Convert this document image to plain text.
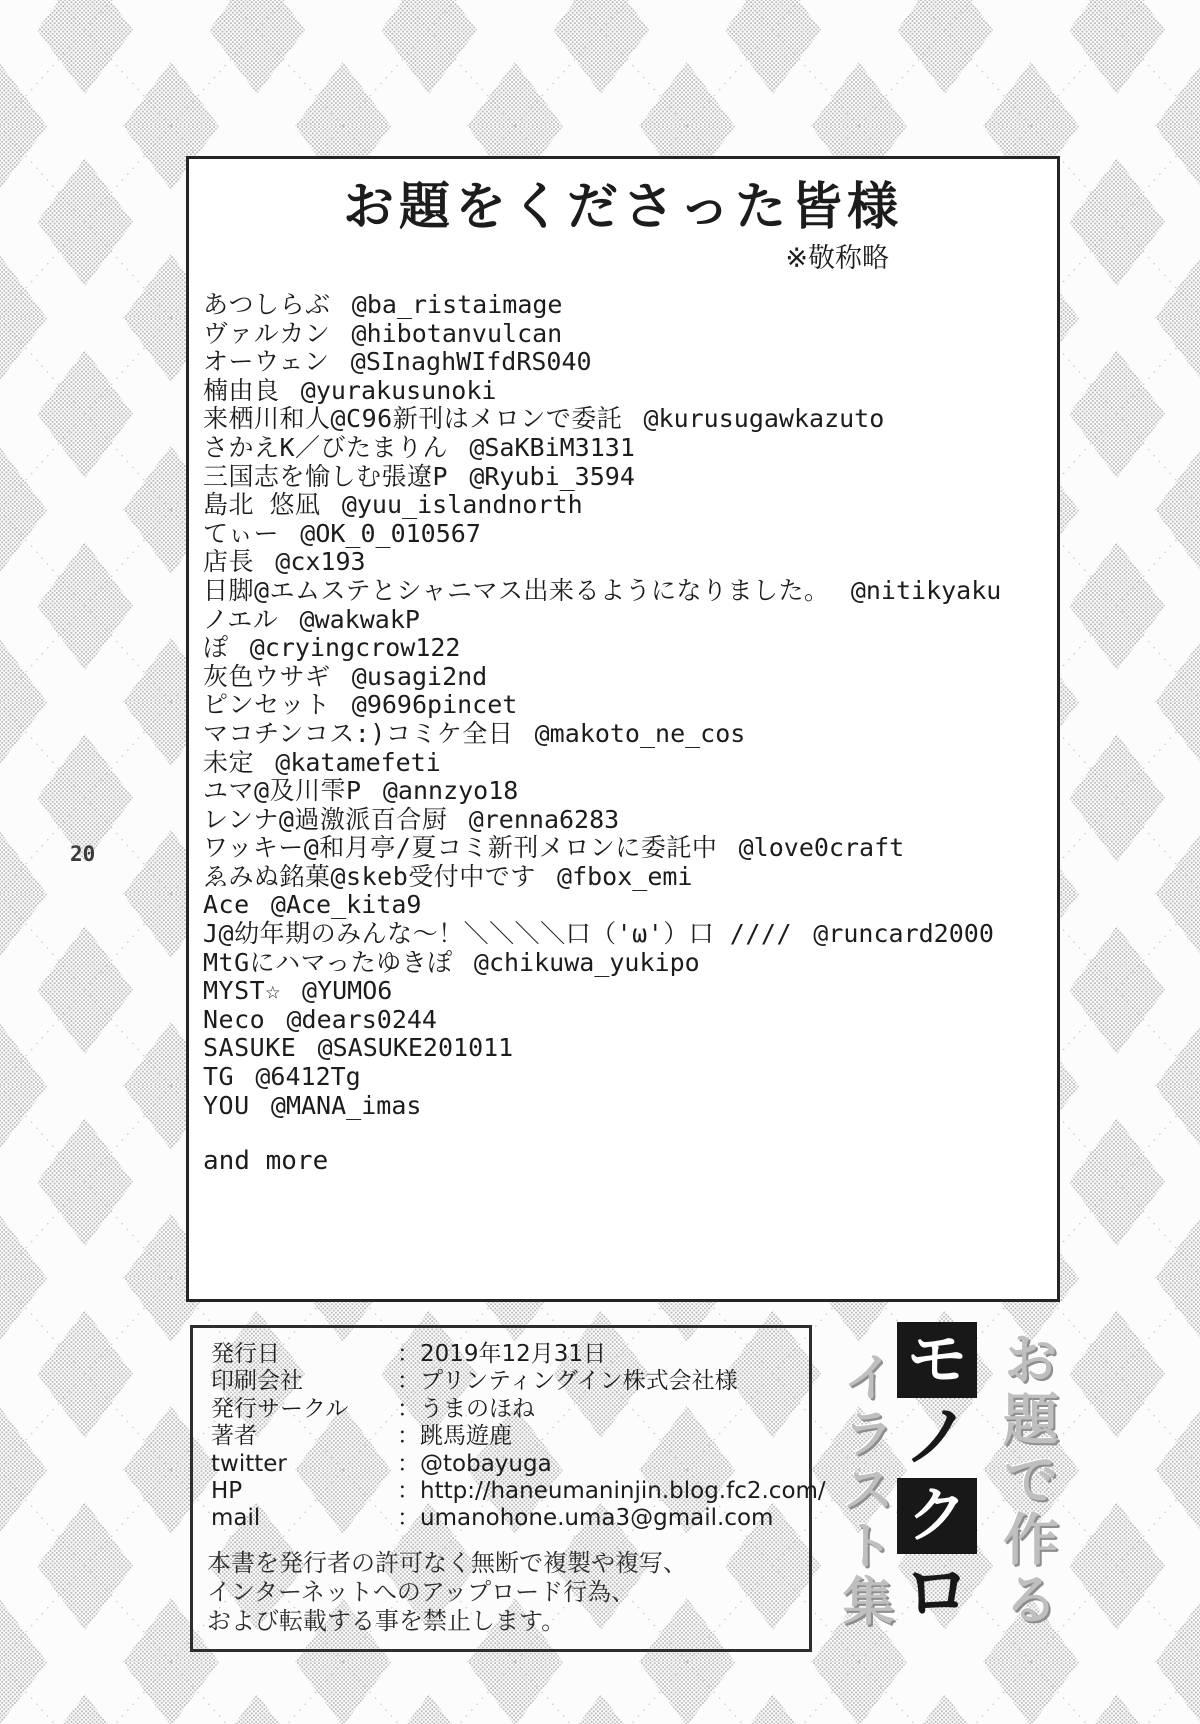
20
お題をくださった皆様
※敬称略
あつしらぶ @ba_ristaimage
ヴァルカン @hibotanvulcan
オーウェン @SInaghWIfdRS040
楠由良 @yurakusunoki
来栖川和人@C96新刊はメロンで委託 @kurusugawkazuto
さかえK／びたまりん @SaKBiM3131
三国志を愉しむ張遼P @Ryubi_3594
島北 悠凪 @yuu_islandnorth
てぃー @OK_0_010567
店長 @cx193
日脚@エムステとシャニマス出来るようになりました。 @nitikyaku
ノエル @wakwakP
ぽ @cryingcrow122
灰色ウサギ @usagi2nd
ピンセット @9696pincet
マコチンコス:)コミケ全日 @makoto_ne_cos
未定 @katamefeti
ユマ@及川雫P @annzyo18
レンナ@過激派百合厨 @renna6283
ワッキー@和月亭/夏コミ新刊メロンに委託中 @love0craft
ゑみぬ銘菓@skeb受付中です @fbox_emi
Ace @Ace_kita9
J@幼年期のみんな～！＼＼＼＼口（'ω'）口 //// @runcard2000
MtGにハマったゆきぽ @chikuwa_yukipo
MYST☆ @YUMO6
Neco @dears0244
SASUKE @SASUKE201011
TG @6412Tg
YOU @MANA_imas
and more
発行日	：2019年12月31日
印刷会社	：プリンティングイン株式会社様
発行サークル	：うまのほね
著者	：跳馬遊鹿
twitter	：@tobayuga
HP	：http://haneumaninjin.blog.fc2.com/
mail	：umanohone.uma3@gmail.com
本書を発行者の許可なく無断で複製や複写、
インターネットへのアップロード行為、
および転載する事を禁止します。	お題で作る
モ
ノ
ク
ロ
イラスト集
